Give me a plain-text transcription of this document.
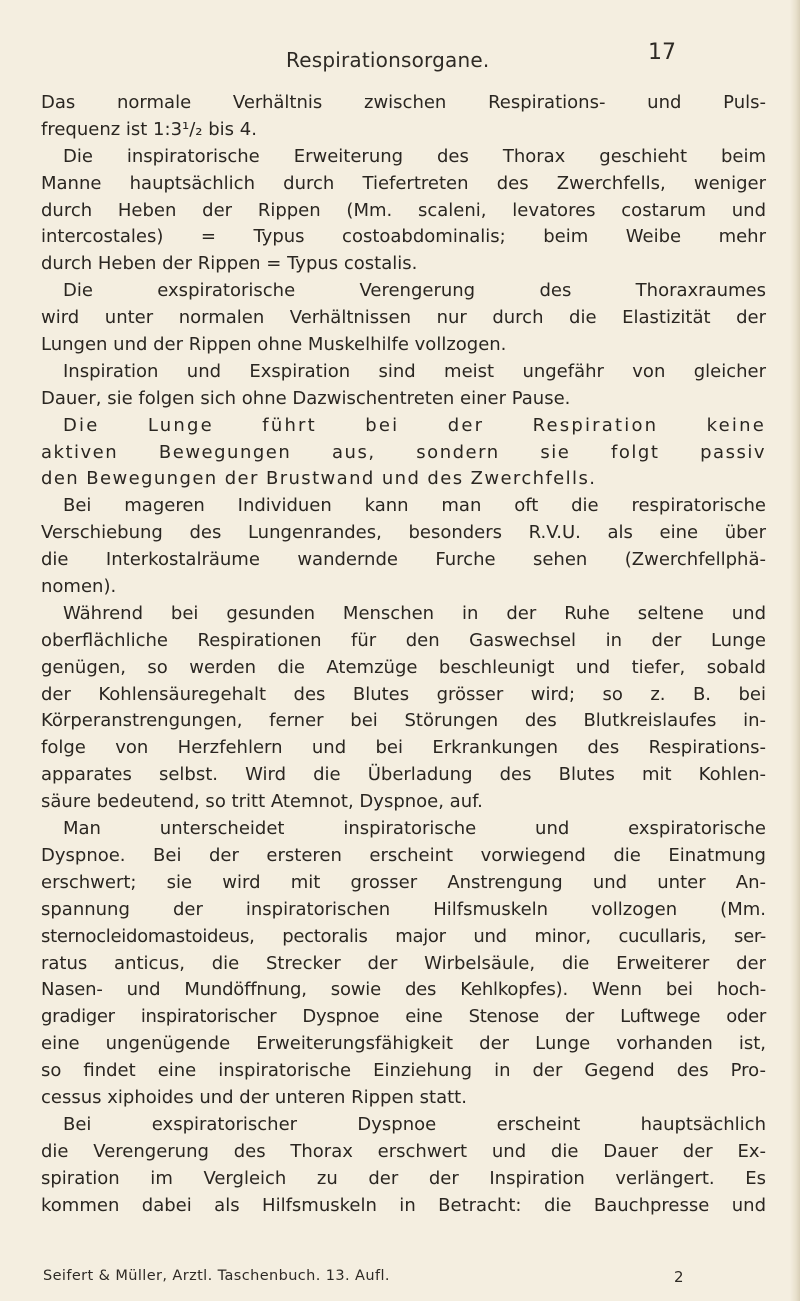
Respirationsorgane.	17
Das normale Verhältnis zwischen Respirations- und Puls-
frequenz ist 1:3¹/₂ bis 4.
Die inspiratorische Erweiterung des Thorax geschieht beim
Manne hauptsächlich durch Tiefertreten des Zwerchfells, weniger
durch Heben der Rippen (Mm. scaleni, levatores costarum und
intercostales) = Typus costoabdominalis; beim Weibe mehr
durch Heben der Rippen = Typus costalis.
Die exspiratorische Verengerung des Thoraxraumes
wird unter normalen Verhältnissen nur durch die Elastizität der
Lungen und der Rippen ohne Muskelhilfe vollzogen.
Inspiration und Exspiration sind meist ungefähr von gleicher
Dauer, sie folgen sich ohne Dazwischentreten einer Pause.
Die Lunge führt bei der Respiration keine
aktiven Bewegungen aus, sondern sie folgt passiv
den Bewegungen der Brustwand und des Zwerchfells.
Bei mageren Individuen kann man oft die respiratorische
Verschiebung des Lungenrandes, besonders R.V.U. als eine über
die Interkostalräume wandernde Furche sehen (Zwerchfellphä-
nomen).
Während bei gesunden Menschen in der Ruhe seltene und
oberflächliche Respirationen für den Gaswechsel in der Lunge
genügen, so werden die Atemzüge beschleunigt und tiefer, sobald
der Kohlensäuregehalt des Blutes grösser wird; so z. B. bei
Körperanstrengungen, ferner bei Störungen des Blutkreislaufes in-
folge von Herzfehlern und bei Erkrankungen des Respirations-
apparates selbst. Wird die Überladung des Blutes mit Kohlen-
säure bedeutend, so tritt Atemnot, Dyspnoe, auf.
Man unterscheidet inspiratorische und exspiratorische
Dyspnoe. Bei der ersteren erscheint vorwiegend die Einatmung
erschwert; sie wird mit grosser Anstrengung und unter An-
spannung der inspiratorischen Hilfsmuskeln vollzogen (Mm.
sternocleidomastoideus, pectoralis major und minor, cucullaris, ser-
ratus anticus, die Strecker der Wirbelsäule, die Erweiterer der
Nasen- und Mundöffnung, sowie des Kehlkopfes). Wenn bei hoch-
gradiger inspiratorischer Dyspnoe eine Stenose der Luftwege oder
eine ungenügende Erweiterungsfähigkeit der Lunge vorhanden ist,
so findet eine inspiratorische Einziehung in der Gegend des Pro-
cessus xiphoides und der unteren Rippen statt.
Bei exspiratorischer Dyspnoe erscheint hauptsächlich
die Verengerung des Thorax erschwert und die Dauer der Ex-
spiration im Vergleich zu der der Inspiration verlängert. Es
kommen dabei als Hilfsmuskeln in Betracht: die Bauchpresse und
Seifert & Müller, Arztl. Taschenbuch. 13. Aufl.	2
